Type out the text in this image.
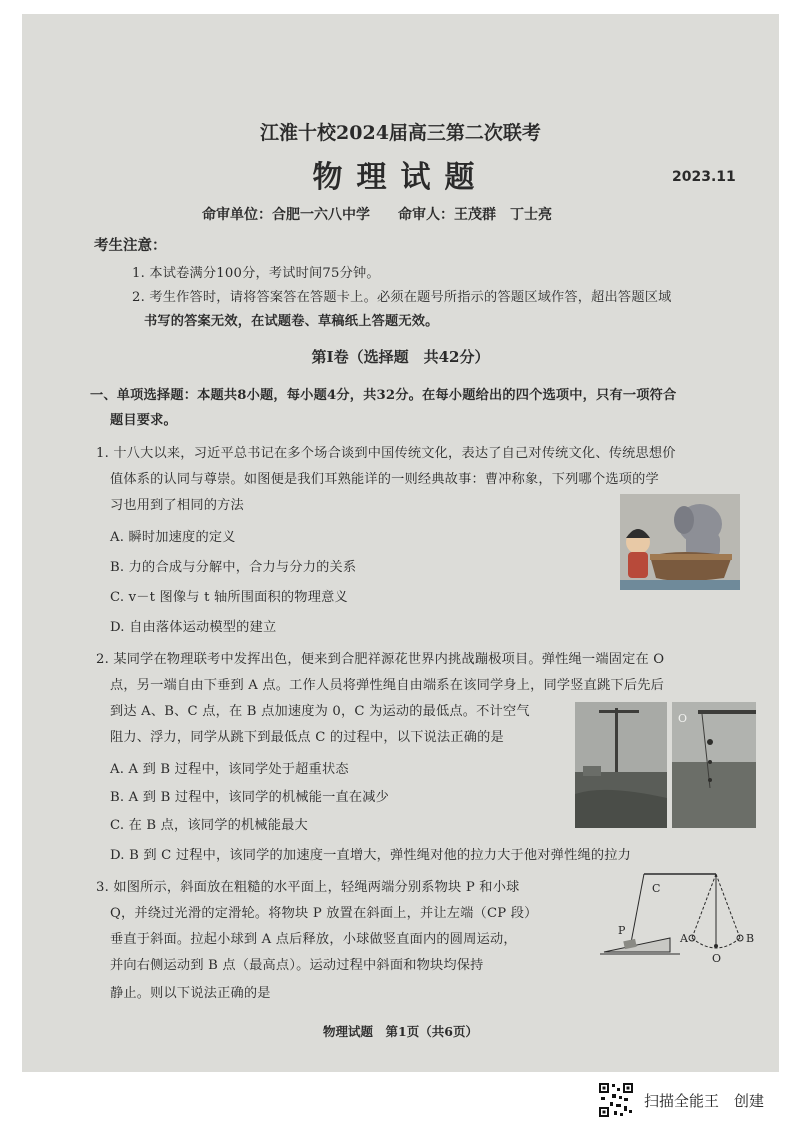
江淮十校2024届高三第二次联考
物理试题	2023.11
命审单位：合肥一六八中学　　命审人：王茂群　丁士亮
考生注意：
1. 本试卷满分100分，考试时间75分钟。
2. 考生作答时，请将答案答在答题卡上。必须在题号所指示的答题区域作答，超出答题区域
书写的答案无效，在试题卷、草稿纸上答题无效。
第Ⅰ卷（选择题　共42分）
一、单项选择题：本题共8小题，每小题4分，共32分。在每小题给出的四个选项中，只有一项符合
题目要求。
1. 十八大以来，习近平总书记在多个场合谈到中国传统文化，表达了自己对传统文化、传统思想价
值体系的认同与尊崇。如图便是我们耳熟能详的一则经典故事：曹冲称象，下列哪个选项的学
习也用到了相同的方法
A. 瞬时加速度的定义
B. 力的合成与分解中，合力与分力的关系
C. v－t 图像与 t 轴所围面积的物理意义
D. 自由落体运动模型的建立
2. 某同学在物理联考中发挥出色，便来到合肥祥源花世界内挑战蹦极项目。弹性绳一端固定在 O
点，另一端自由下垂到 A 点。工作人员将弹性绳自由端系在该同学身上，同学竖直跳下后先后
到达 A、B、C 点，在 B 点加速度为 0，C 为运动的最低点。不计空气
阻力、浮力，同学从跳下到最低点 C 的过程中，以下说法正确的是
A. A 到 B 过程中，该同学处于超重状态
B. A 到 B 过程中，该同学的机械能一直在减少
C. 在 B 点，该同学的机械能最大
D. B 到 C 过程中，该同学的加速度一直增大，弹性绳对他的拉力大于他对弹性绳的拉力
O
3. 如图所示，斜面放在粗糙的水平面上，轻绳两端分别系物块 P 和小球
Q，并绕过光滑的定滑轮。将物块 P 放置在斜面上，并让左端（CP 段）
垂直于斜面。拉起小球到 A 点后释放，小球做竖直面内的圆周运动，
并向右侧运动到 B 点（最高点）。运动过程中斜面和物块均保持
静止。则以下说法正确的是
C
P
A	B
O
物理试题　第1页（共6页）
扫描全能王　创建
